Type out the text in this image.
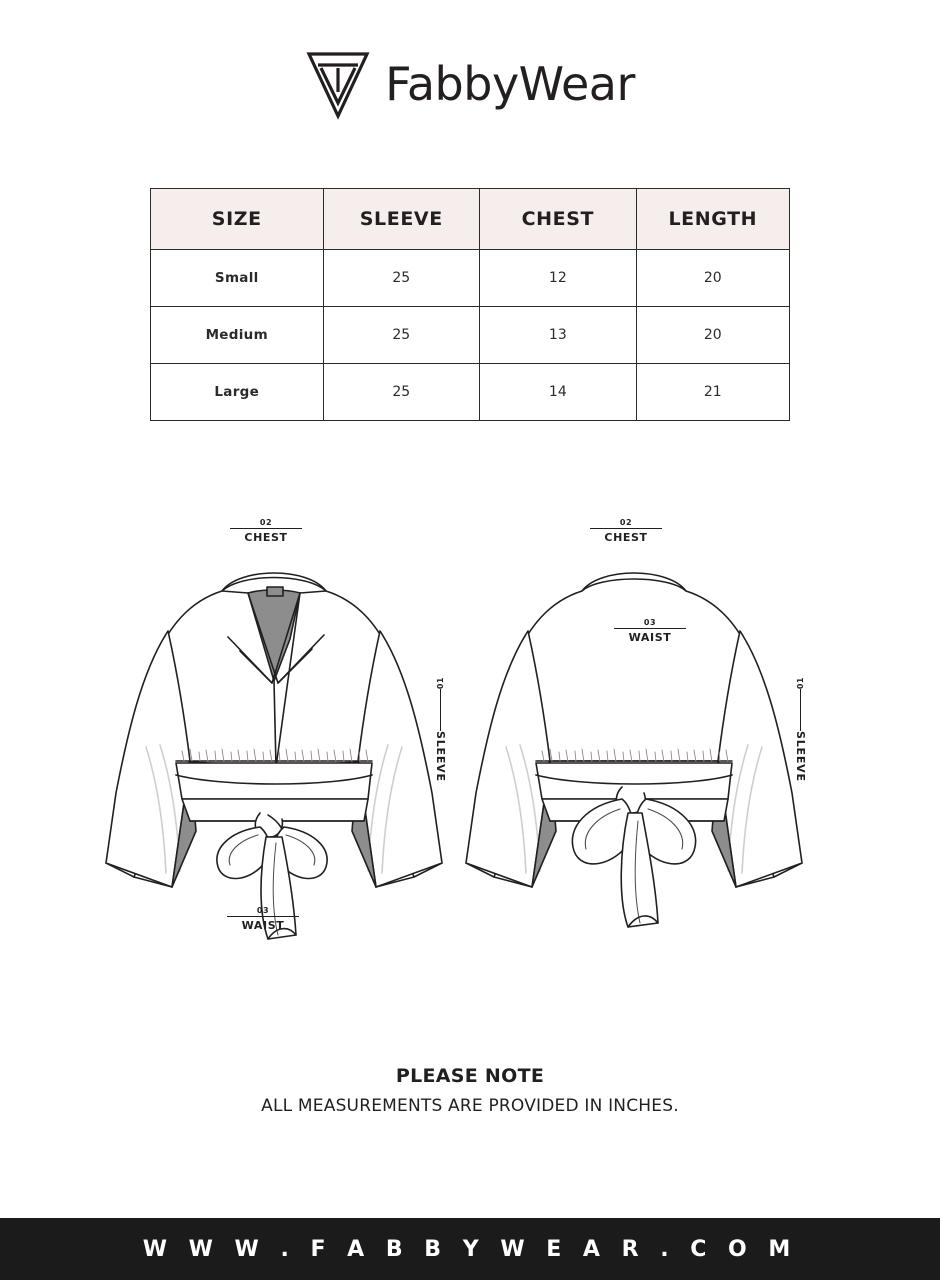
FabbyWear
SIZE	SLEEVE	CHEST	LENGTH
Small	25	12	20
Medium	25	13	20
Large	25	14	21
02
CHEST
03
WAIST
01
SLEEVE
02
CHEST
03
WAIST
01
SLEEVE
PLEASE NOTE
ALL MEASUREMENTS ARE PROVIDED IN INCHES.
W W W . F A B B Y W E A R . C O M
